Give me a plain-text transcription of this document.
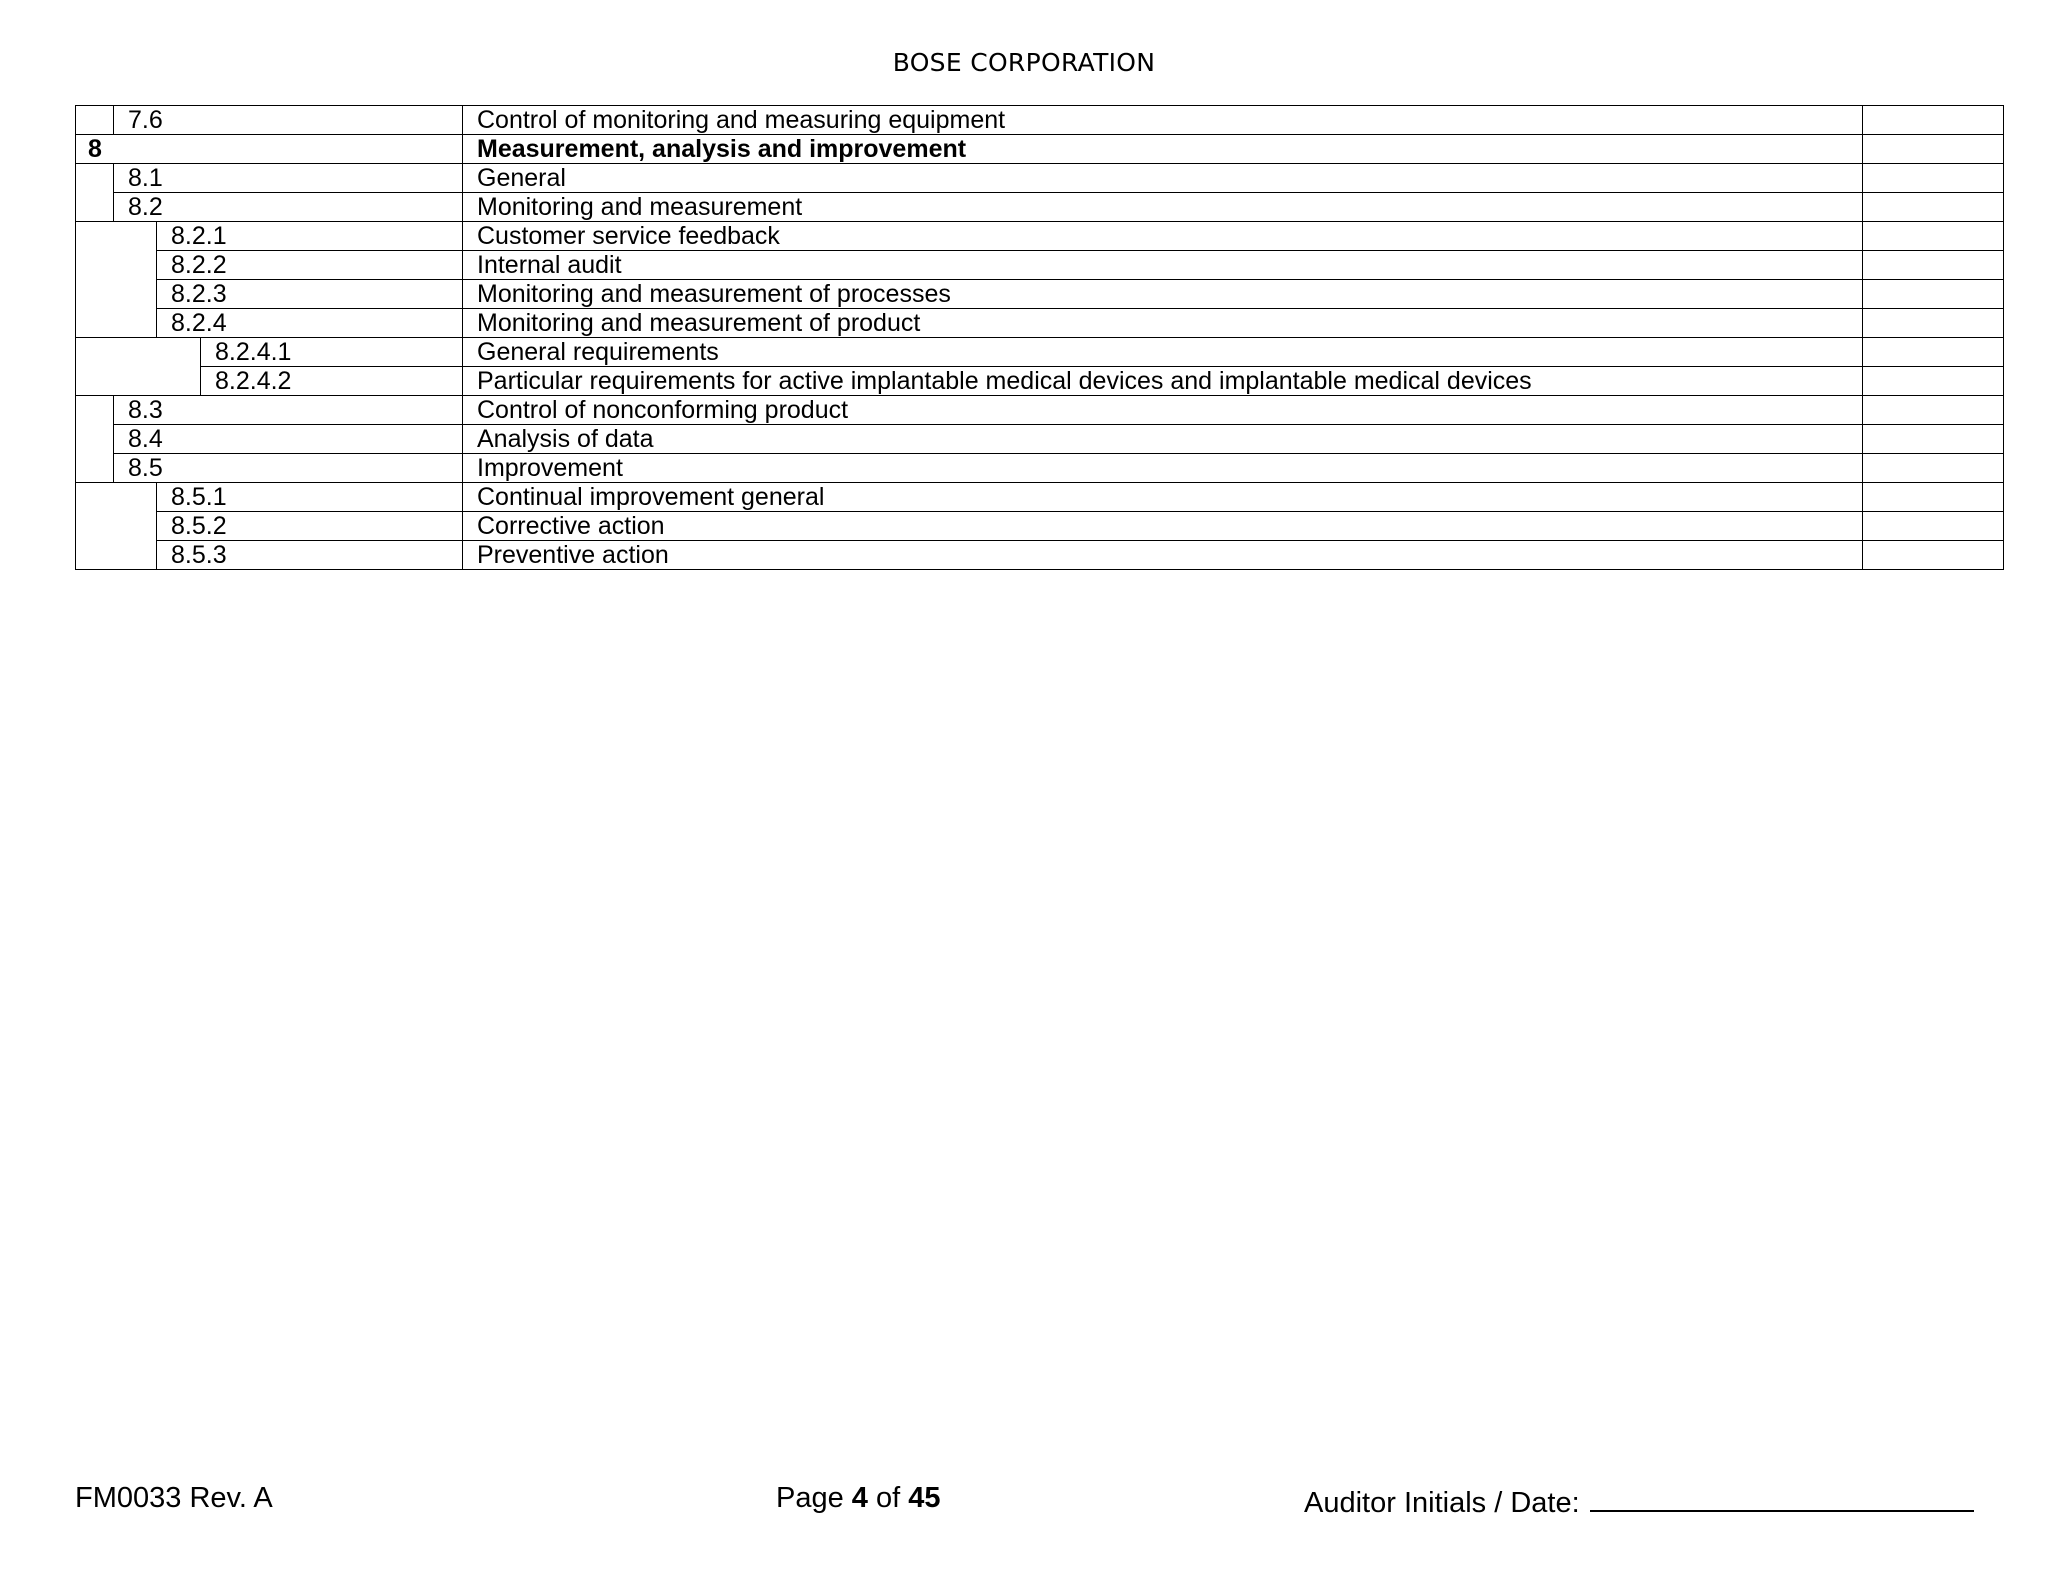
BOSE CORPORATION
	7.6			Control of monitoring and measuring equipment	
8				Measurement, analysis and improvement	
	8.1			General	
	8.2			Monitoring and measurement	
		8.2.1		Customer service feedback	
		8.2.2		Internal audit	
		8.2.3		Monitoring and measurement of processes	
		8.2.4		Monitoring and measurement of product	
			8.2.4.1	General requirements	
			8.2.4.2	Particular requirements for active implantable medical devices and implantable medical devices	
	8.3			Control of nonconforming product	
	8.4			Analysis of data	
	8.5			Improvement	
		8.5.1		Continual improvement general	
		8.5.2		Corrective action	
		8.5.3		Preventive action	
FM0033 Rev. A	Page 4 of 45	Auditor Initials / Date:
